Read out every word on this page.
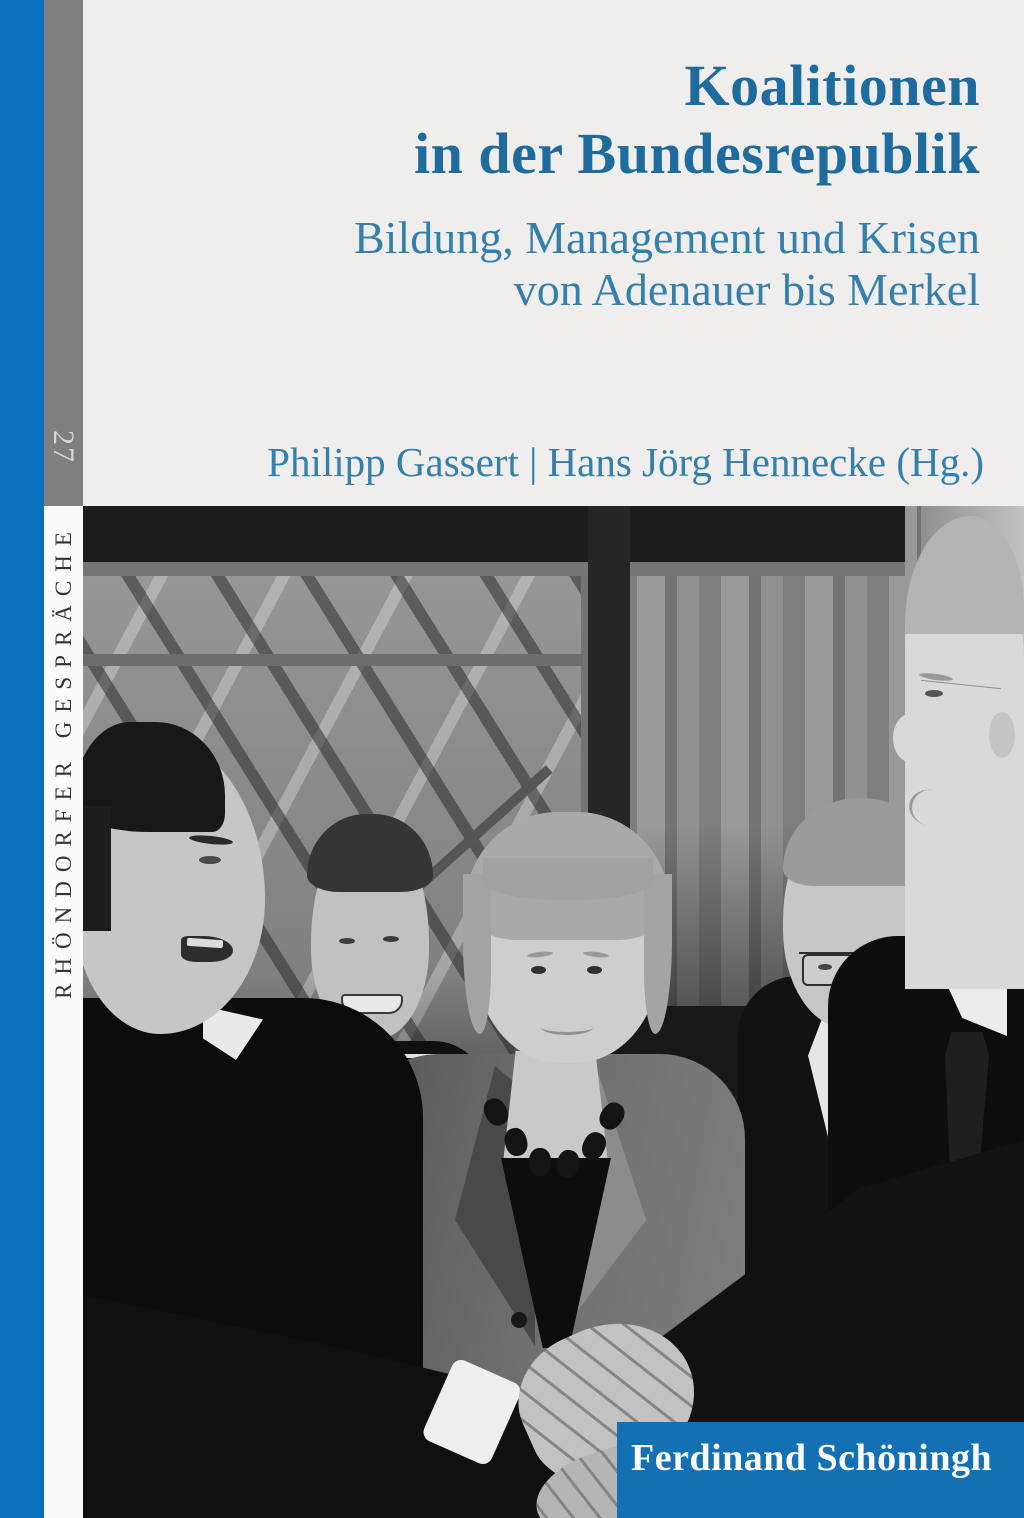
Koalitionen
in der Bundesrepublik
Bildung, Management und Krisen
von Adenauer bis Merkel

Philipp Gassert | Hans Jörg Hennecke (Hg.)

27
RHÖNDORFER GESPRÄCHE
Ferdinand Schöningh
